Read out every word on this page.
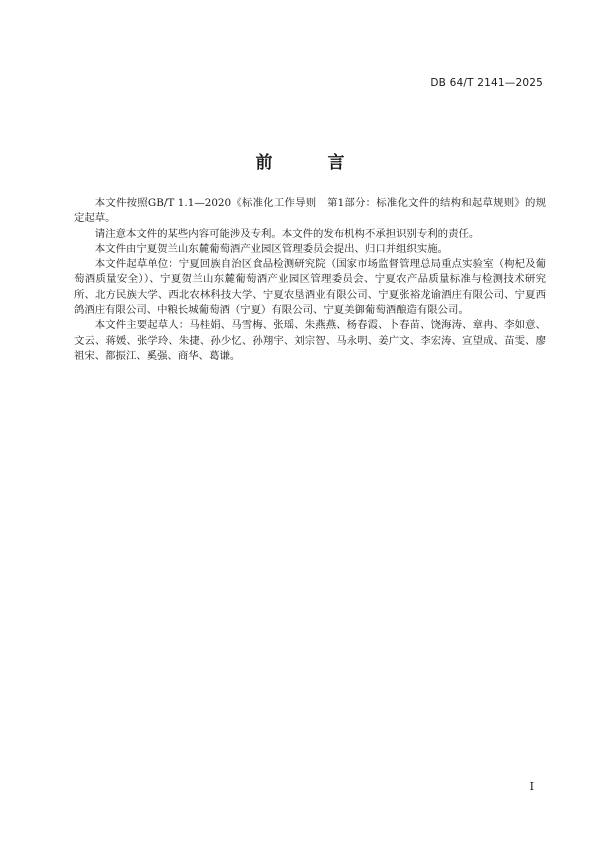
DB 64/T 2141—2025
前　言

本文件按照GB/T 1.1—2020《标准化工作导则　第1部分：标准化文件的结构和起草规则》的规定起草。

请注意本文件的某些内容可能涉及专利。本文件的发布机构不承担识别专利的责任。

本文件由宁夏贺兰山东麓葡萄酒产业园区管理委员会提出、归口并组织实施。

本文件起草单位：宁夏回族自治区食品检测研究院（国家市场监督管理总局重点实验室（枸杞及葡萄酒质量安全））、宁夏贺兰山东麓葡萄酒产业园区管理委员会、宁夏农产品质量标准与检测技术研究所、北方民族大学、西北农林科技大学、宁夏农垦酒业有限公司、宁夏张裕龙谕酒庄有限公司、宁夏西鸽酒庄有限公司、中粮长城葡萄酒（宁夏）有限公司、宁夏美御葡萄酒酿造有限公司。

本文件主要起草人：马桂娟、马雪梅、张瑶、朱燕燕、杨春霞、卜春苗、饶海涛、章冉、李如意、文云、蒋媛、张学玲、朱捷、孙少忆、孙翔宇、刘宗智、马永明、姜广文、李宏涛、宣望成、苗雯、廖祖宋、都振江、奚强、商华、葛谦。

I
